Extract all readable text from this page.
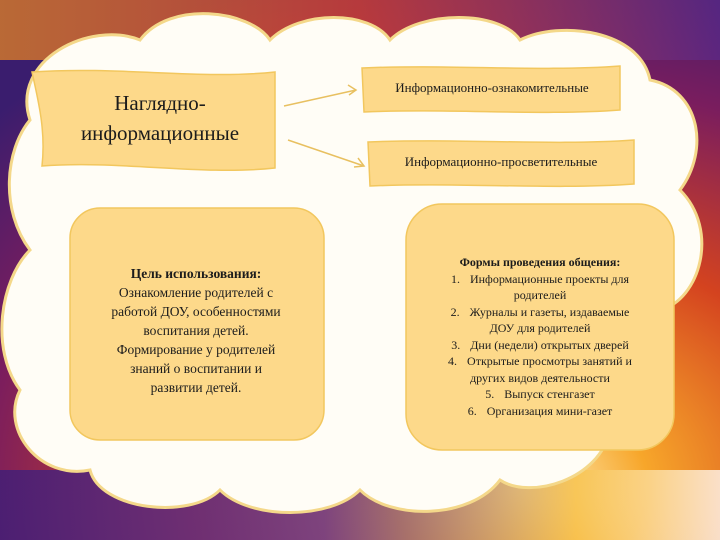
Наглядно-
информационные
Информационно-ознакомительные
Информационно-просветительные
Цель использования:
Ознакомление родителей с
работой ДОУ, особенностями
воспитания детей.
Формирование у родителей
знаний о воспитании и
развитии детей.
Формы проведения общения:
1. Информационные проекты для
родителей
2. Журналы и газеты, издаваемые
ДОУ для родителей
3. Дни (недели) открытых дверей
4. Открытые просмотры занятий и
других видов деятельности
5. Выпуск стенгазет
6. Организация мини-газет
